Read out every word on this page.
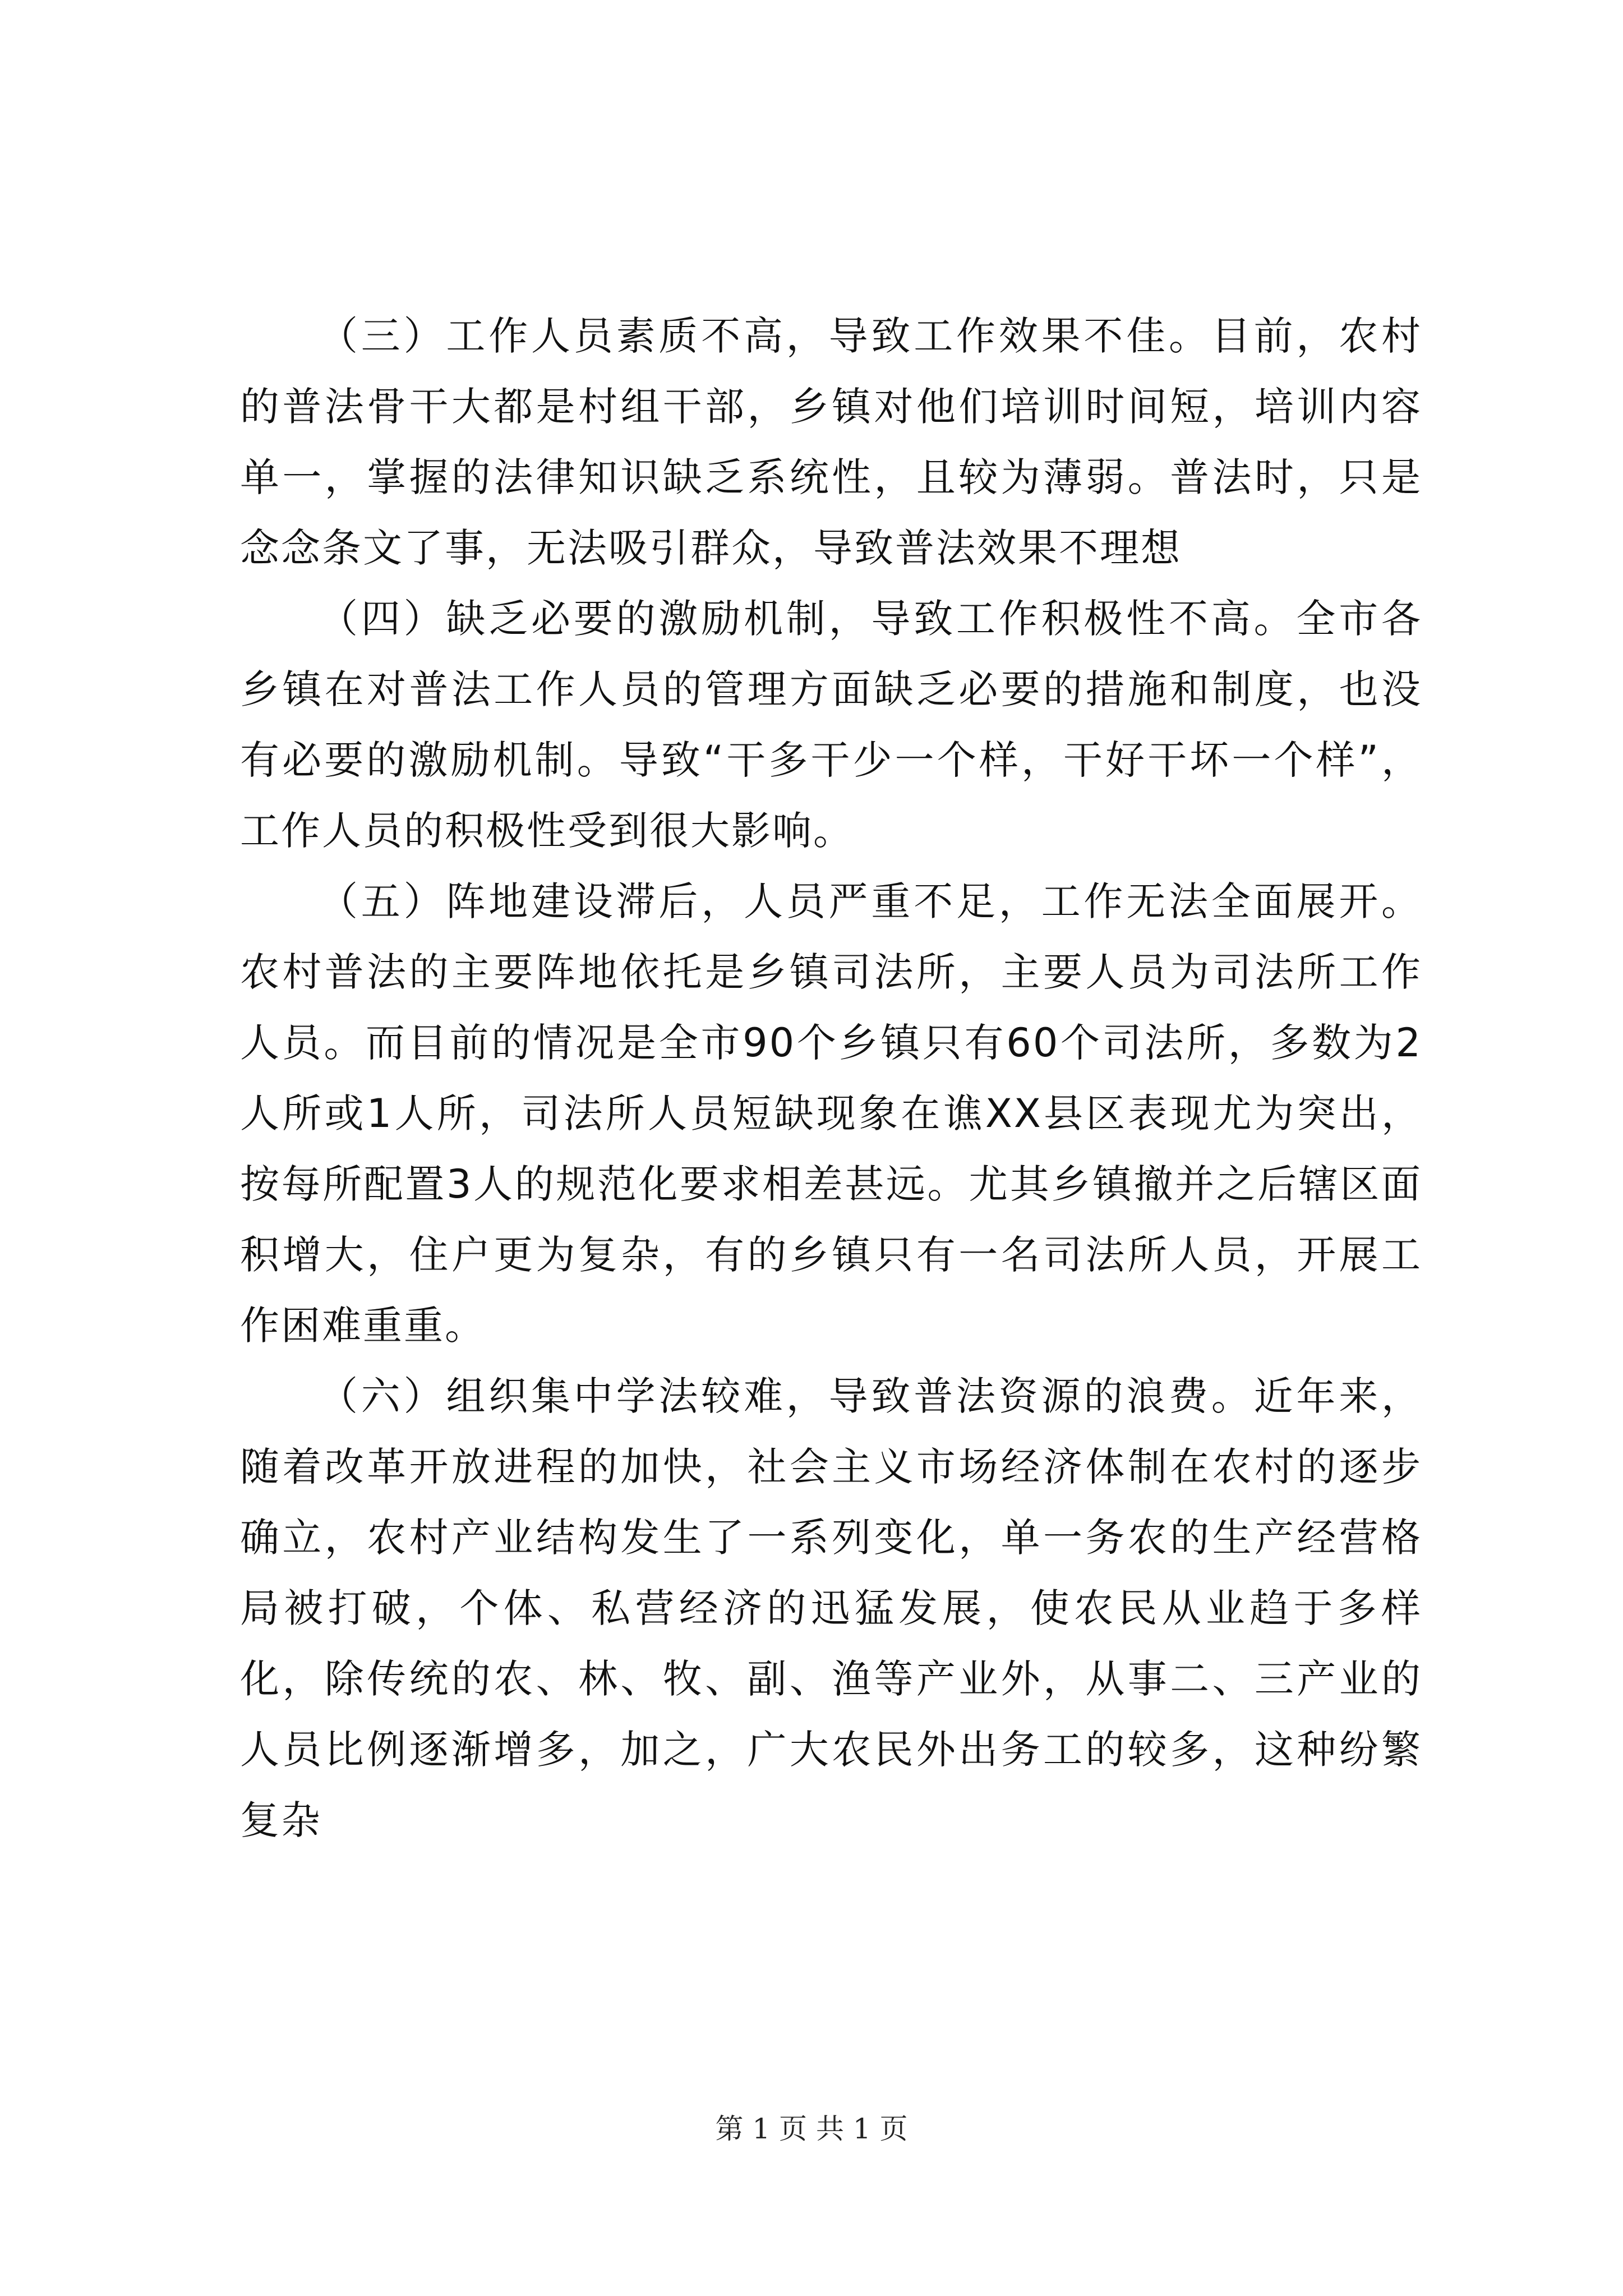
（三）工作人员素质不高，导致工作效果不佳。目前，农村的普法骨干大都是村组干部，乡镇对他们培训时间短，培训内容单一，掌握的法律知识缺乏系统性，且较为薄弱。普法时，只是念念条文了事，无法吸引群众，导致普法效果不理想

（四）缺乏必要的激励机制，导致工作积极性不高。全市各乡镇在对普法工作人员的管理方面缺乏必要的措施和制度，也没有必要的激励机制。导致“干多干少一个样，干好干坏一个样”，工作人员的积极性受到很大影响。

（五）阵地建设滞后，人员严重不足，工作无法全面展开。农村普法的主要阵地依托是乡镇司法所，主要人员为司法所工作人员。而目前的情况是全市90个乡镇只有60个司法所，多数为2人所或1人所，司法所人员短缺现象在谯XX县区表现尤为突出，按每所配置3人的规范化要求相差甚远。尤其乡镇撤并之后辖区面积增大，住户更为复杂，有的乡镇只有一名司法所人员，开展工作困难重重。

（六）组织集中学法较难，导致普法资源的浪费。近年来，随着改革开放进程的加快，社会主义市场经济体制在农村的逐步确立，农村产业结构发生了一系列变化，单一务农的生产经营格局被打破，个体、私营经济的迅猛发展，使农民从业趋于多样化，除传统的农、林、牧、副、渔等产业外，从事二、三产业的人员比例逐渐增多，加之，广大农民外出务工的较多，这种纷繁复杂

第 1 页 共 1 页
